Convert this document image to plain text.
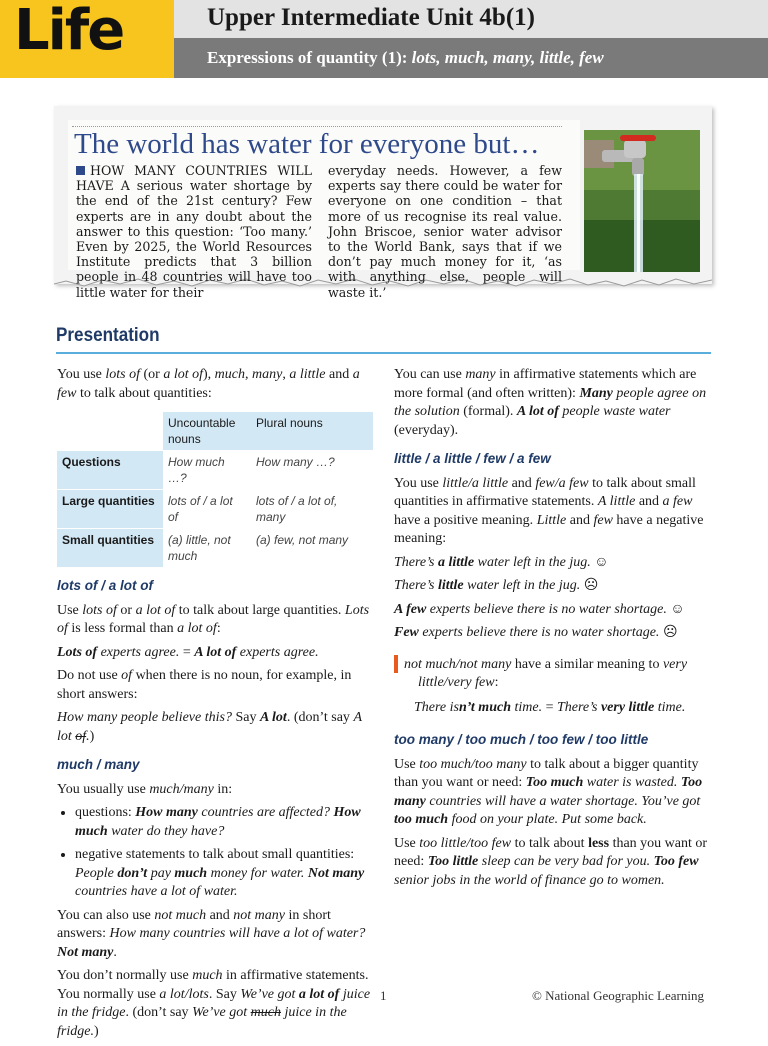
Life	Upper Intermediate Unit 4b(1)
Expressions of quantity (1): lots, much, many, little, few
The world has water for everyone but…
HOW MANY COUNTRIES WILL HAVE A serious water shortage by the end of the 21st century? Few experts are in any doubt about the answer to this question: ‘Too many.’ Even by 2025, the World Resources Institute predicts that 3 billion people in 48 countries will have too little water for their
everyday needs. However, a few experts say there could be water for everyone on one condition – that more of us recognise its real value. John Briscoe, senior water advisor to the World Bank, says that if we don’t pay much money for it, ‘as with anything else, people will waste it.’
Presentation

You use lots of (or a lot of), much, many, a little and a few to talk about quantities:

	Uncountable nouns	Plural nouns
Questions	How much …?	How many …?
Large quantities	lots of / a lot of	lots of / a lot of, many
Small quantities	(a) little, not much	(a) few, not many
lots of / a lot of

Use lots of or a lot of to talk about large quantities. Lots of is less formal than a lot of:

Lots of experts agree. = A lot of experts agree.

Do not use of when there is no noun, for example, in short answers:

How many people believe this? Say A lot. (don’t say A lot of.)

much / many

You usually use much/many in:

• questions: How many countries are affected? How much water do they have?
• negative statements to talk about small quantities: People don’t pay much money for water. Not many countries have a lot of water.

You can also use not much and not many in short answers: How many countries will have a lot of water? Not many.

You don’t normally use much in affirmative statements. You normally use a lot/lots. Say We’ve got a lot of juice in the fridge. (don’t say We’ve got much juice in the fridge.)

You can use many in affirmative statements which are more formal (and often written): Many people agree on the solution (formal). A lot of people waste water (everyday).

little / a little / few / a few

You use little/a little and few/a few to talk about small quantities in affirmative statements. A little and a few have a positive meaning. Little and few have a negative meaning:

There’s a little water left in the jug. ☺

There’s little water left in the jug. ☹

A few experts believe there is no water shortage. ☺

Few experts believe there is no water shortage. ☹

TIP not much/not many have a similar meaning to very little/very few:

There isn’t much time. = There’s very little time.

too many / too much / too few / too little

Use too much/too many to talk about a bigger quantity than you want or need: Too much water is wasted. Too many countries will have a water shortage. You’ve got too much food on your plate. Put some back.

Use too little/too few to talk about less than you want or need: Too little sleep can be very bad for you. Too few senior jobs in the world of finance go to women.

1	© National Geographic Learning
